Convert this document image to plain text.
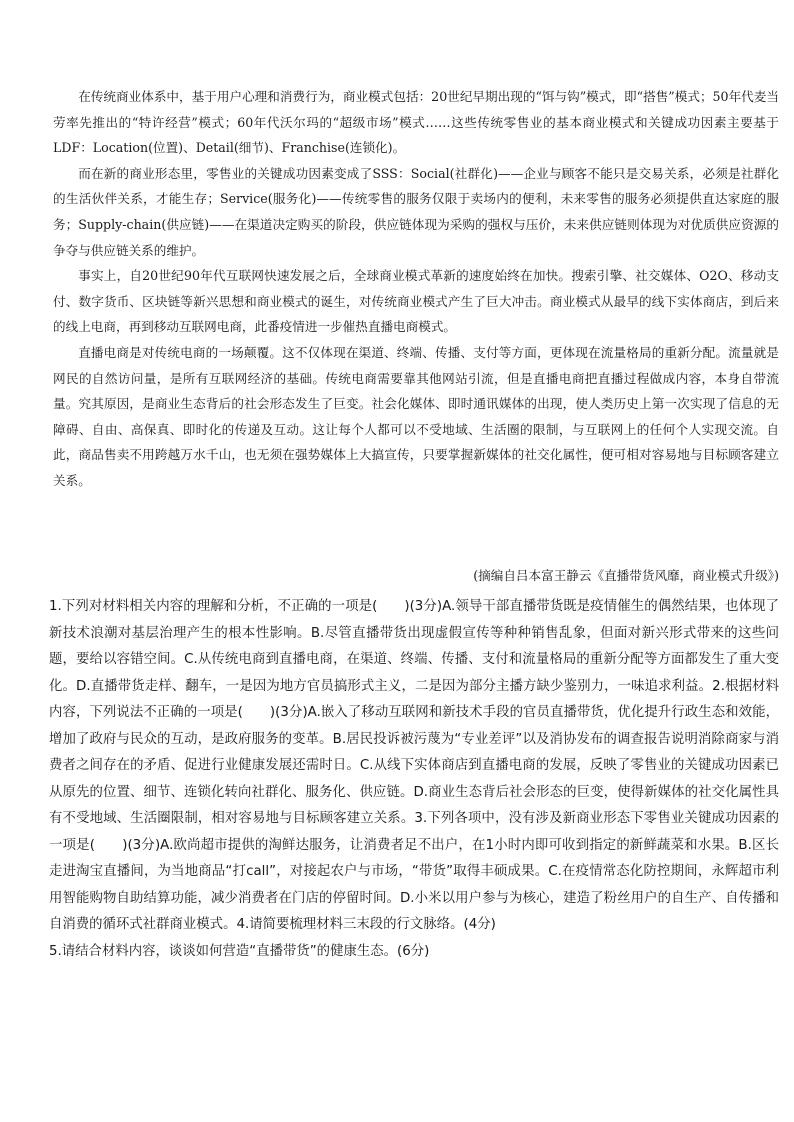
在传统商业体系中，基于用户心理和消费行为，商业模式包括：20世纪早期出现的“饵与钩”模式，即“搭售”模式；50年代麦当劳率先推出的“特许经营”模式；60年代沃尔玛的“超级市场”模式……这些传统零售业的基本商业模式和关键成功因素主要基于LDF：Location(位置)、Detail(细节)、Franchise(连锁化)。

而在新的商业形态里，零售业的关键成功因素变成了SSS：Social(社群化)——企业与顾客不能只是交易关系，必须是社群化的生活伙伴关系，才能生存；Service(服务化)——传统零售的服务仅限于卖场内的便利，未来零售的服务必须提供直达家庭的服务；Supply-chain(供应链)——在渠道决定购买的阶段，供应链体现为采购的强权与压价，未来供应链则体现为对优质供应资源的争夺与供应链关系的维护。

事实上，自20世纪90年代互联网快速发展之后，全球商业模式革新的速度始终在加快。搜索引擎、社交媒体、O2O、移动支付、数字货币、区块链等新兴思想和商业模式的诞生，对传统商业模式产生了巨大冲击。商业模式从最早的线下实体商店，到后来的线上电商，再到移动互联网电商，此番疫情进一步催热直播电商模式。

直播电商是对传统电商的一场颠覆。这不仅体现在渠道、终端、传播、支付等方面，更体现在流量格局的重新分配。流量就是网民的自然访问量，是所有互联网经济的基础。传统电商需要靠其他网站引流，但是直播电商把直播过程做成内容，本身自带流量。究其原因，是商业生态背后的社会形态发生了巨变。社会化媒体、即时通讯媒体的出现，使人类历史上第一次实现了信息的无障碍、自由、高保真、即时化的传递及互动。这让每个人都可以不受地域、生活圈的限制，与互联网上的任何个人实现交流。自此，商品售卖不用跨越万水千山，也无须在强势媒体上大搞宣传，只要掌握新媒体的社交化属性，便可相对容易地与目标顾客建立关系。

(摘编自吕本富王静云《直播带货风靡，商业模式升级》)

1.下列对材料相关内容的理解和分析，不正确的一项是(　　)(3分)A.领导干部直播带货既是疫情催生的偶然结果，也体现了新技术浪潮对基层治理产生的根本性影响。B.尽管直播带货出现虚假宣传等种种销售乱象，但面对新兴形式带来的这些问题，要给以容错空间。C.从传统电商到直播电商，在渠道、终端、传播、支付和流量格局的重新分配等方面都发生了重大变化。D.直播带货走样、翻车，一是因为地方官员搞形式主义，二是因为部分主播方缺少鉴别力，一味追求利益。2.根据材料内容，下列说法不正确的一项是(　　)(3分)A.嵌入了移动互联网和新技术手段的官员直播带货，优化提升行政生态和效能，增加了政府与民众的互动，是政府服务的变革。B.居民投诉被污蔑为“专业差评”以及消协发布的调查报告说明消除商家与消费者之间存在的矛盾、促进行业健康发展还需时日。C.从线下实体商店到直播电商的发展，反映了零售业的关键成功因素已从原先的位置、细节、连锁化转向社群化、服务化、供应链。D.商业生态背后社会形态的巨变，使得新媒体的社交化属性具有不受地域、生活圈限制，相对容易地与目标顾客建立关系。3.下列各项中，没有涉及新商业形态下零售业关键成功因素的一项是(　　)(3分)A.欧尚超市提供的淘鲜达服务，让消费者足不出户，在1小时内即可收到指定的新鲜蔬菜和水果。B.区长走进淘宝直播间，为当地商品“打call”，对接起农户与市场，“带货”取得丰硕成果。C.在疫情常态化防控期间，永辉超市利用智能购物自助结算功能，减少消费者在门店的停留时间。D.小米以用户参与为核心，建造了粉丝用户的自生产、自传播和自消费的循环式社群商业模式。4.请简要梳理材料三末段的行文脉络。(4分)

5.请结合材料内容，谈谈如何营造“直播带货”的健康生态。(6分)
